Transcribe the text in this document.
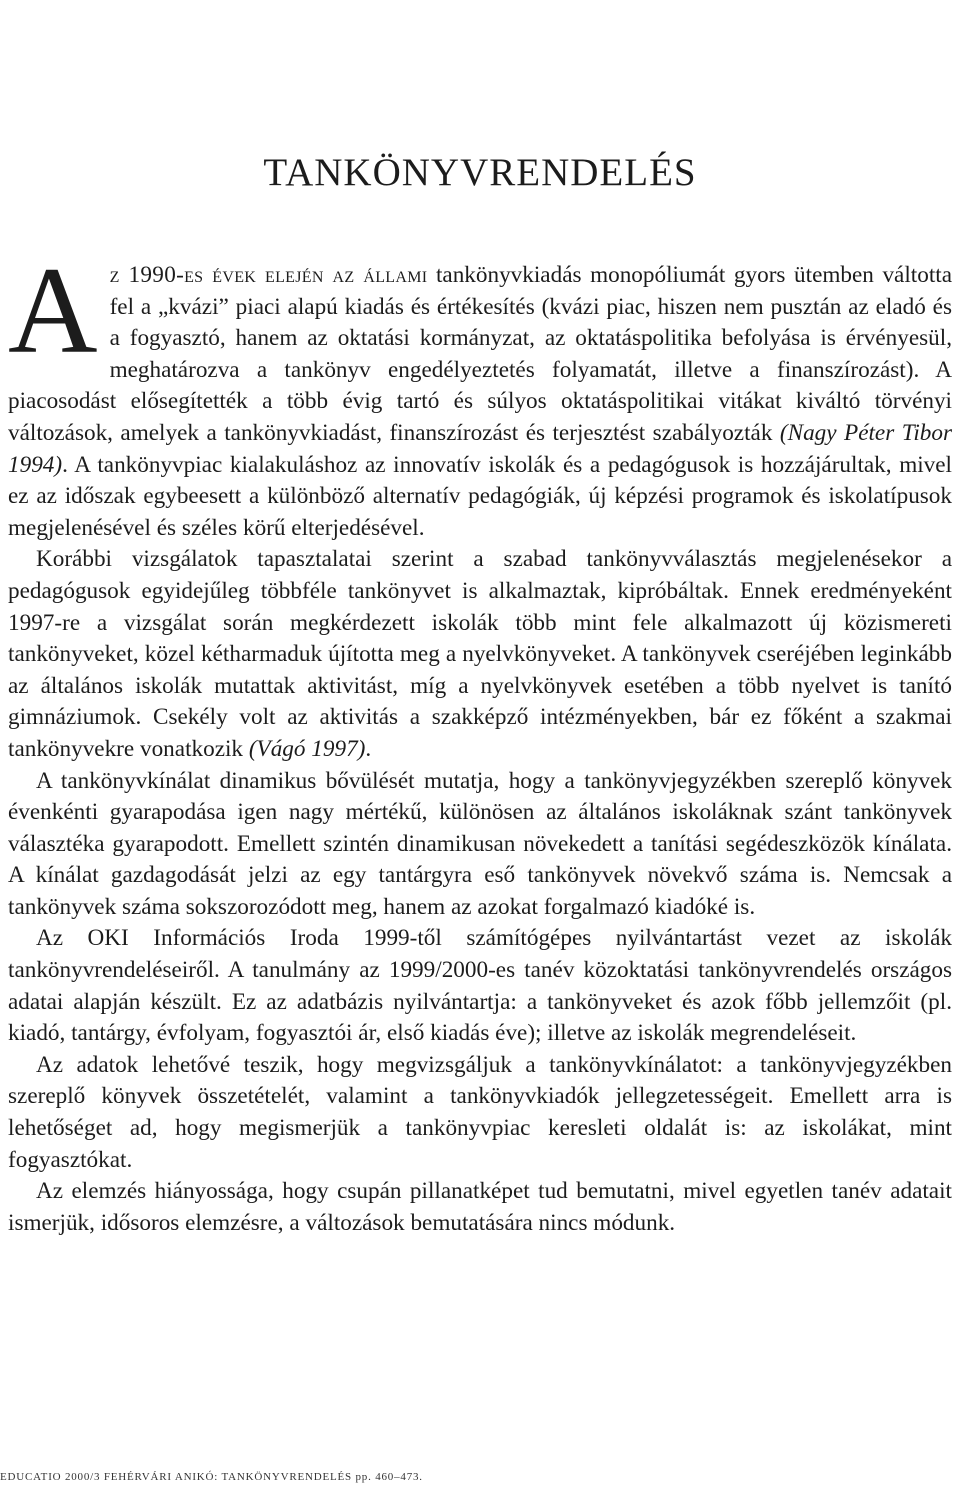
TANKÖNYVRENDELÉS

Az 1990-es évek elején az állami tankönyvkiadás monopóliumát gyors ütemben váltotta fel a „kvázi” piaci alapú kiadás és értékesítés (kvázi piac, hiszen nem pusztán az eladó és a fogyasztó, hanem az oktatási kormányzat, az oktatáspolitika befolyása is érvényesül, meghatározva a tankönyv engedélyeztetés folyamatát, illetve a finanszírozást). A piacosodást elősegítették a több évig tartó és súlyos oktatáspolitikai vitákat kiváltó törvényi változások, amelyek a tankönyvkiadást, finanszírozást és terjesztést szabályozták (Nagy Péter Tibor 1994). A tankönyvpiac kialakuláshoz az innovatív iskolák és a pedagógusok is hozzájárultak, mivel ez az időszak egybeesett a különböző alternatív pedagógiák, új képzési programok és iskolatípusok megjelenésével és széles körű elterjedésével.

Korábbi vizsgálatok tapasztalatai szerint a szabad tankönyvválasztás megjelenésekor a pedagógusok egyidejűleg többféle tankönyvet is alkalmaztak, kipróbáltak. Ennek eredményeként 1997-re a vizsgálat során megkérdezett iskolák több mint fele alkalmazott új közismereti tankönyveket, közel kétharmaduk újította meg a nyelvkönyveket. A tankönyvek cseréjében leginkább az általános iskolák mutattak aktivitást, míg a nyelvkönyvek esetében a több nyelvet is tanító gimnáziumok. Csekély volt az aktivitás a szakképző intézményekben, bár ez főként a szakmai tankönyvekre vonatkozik (Vágó 1997).

A tankönyvkínálat dinamikus bővülését mutatja, hogy a tankönyvjegyzékben szereplő könyvek évenkénti gyarapodása igen nagy mértékű, különösen az általános iskoláknak szánt tankönyvek választéka gyarapodott. Emellett szintén dinamikusan növekedett a tanítási segédeszközök kínálata. A kínálat gazdagodását jelzi az egy tantárgyra eső tankönyvek növekvő száma is. Nemcsak a tankönyvek száma sokszorozódott meg, hanem az azokat forgalmazó kiadóké is.

Az OKI Információs Iroda 1999-től számítógépes nyilvántartást vezet az iskolák tankönyvrendeléseiről. A tanulmány az 1999/2000-es tanév közoktatási tankönyvrendelés országos adatai alapján készült. Ez az adatbázis nyilvántartja: a tankönyveket és azok főbb jellemzőit (pl. kiadó, tantárgy, évfolyam, fogyasztói ár, első kiadás éve); illetve az iskolák megrendeléseit.

Az adatok lehetővé teszik, hogy megvizsgáljuk a tankönyvkínálatot: a tankönyvjegyzékben szereplő könyvek összetételét, valamint a tankönyvkiadók jellegzetességeit. Emellett arra is lehetőséget ad, hogy megismerjük a tankönyvpiac keresleti oldalát is: az iskolákat, mint fogyasztókat.

Az elemzés hiányossága, hogy csupán pillanatképet tud bemutatni, mivel egyetlen tanév adatait ismerjük, idősoros elemzésre, a változások bemutatására nincs módunk.

EDUCATIO 2000/3 FEHÉRVÁRI ANIKÓ: TANKÖNYVRENDELÉS pp. 460–473.
